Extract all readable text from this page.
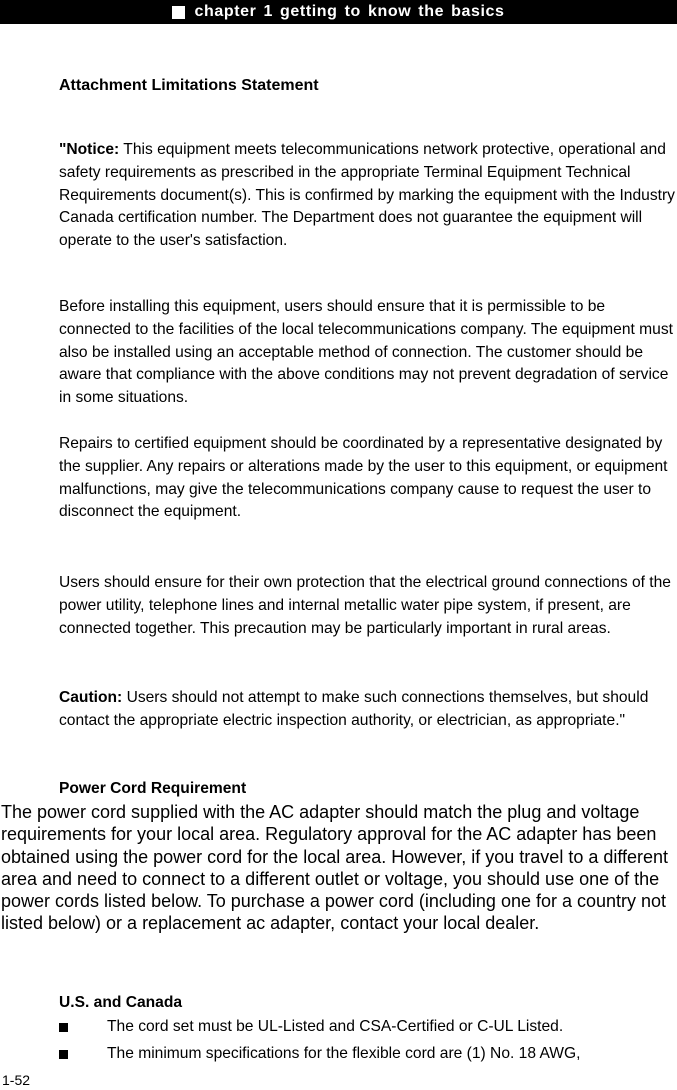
chapter 1 getting to know the basics
Attachment Limitations Statement

"Notice: This equipment meets telecommunications network protective, operational and safety requirements as prescribed in the appropriate Terminal Equipment Technical Requirements document(s). This is confirmed by marking the equipment with the Industry Canada certification number. The Department does not guarantee the equipment will operate to the user's satisfaction.

Before installing this equipment, users should ensure that it is permissible to be connected to the facilities of the local telecommunications company. The equipment must also be installed using an acceptable method of connection. The customer should be aware that compliance with the above conditions may not prevent degradation of service in some situations.

Repairs to certified equipment should be coordinated by a representative designated by the supplier. Any repairs or alterations made by the user to this equipment, or equipment malfunctions, may give the telecommunications company cause to request the user to disconnect the equipment.

Users should ensure for their own protection that the electrical ground connections of the power utility, telephone lines and internal metallic water pipe system, if present, are connected together. This precaution may be particularly important in rural areas.

Caution: Users should not attempt to make such connections themselves, but should contact the appropriate electric inspection authority, or electrician, as appropriate."

Power Cord Requirement

The power cord supplied with the AC adapter should match the plug and voltage requirements for your local area. Regulatory approval for the AC adapter has been obtained using the power cord for the local area. However, if you travel to a different area and need to connect to a different outlet or voltage, you should use one of the power cords listed below. To purchase a power cord (including one for a country not listed below) or a replacement ac adapter, contact your local dealer.

U.S. and Canada
The cord set must be UL-Listed and CSA-Certified or C-UL Listed.
The minimum specifications for the flexible cord are (1) No. 18 AWG,
1-52
